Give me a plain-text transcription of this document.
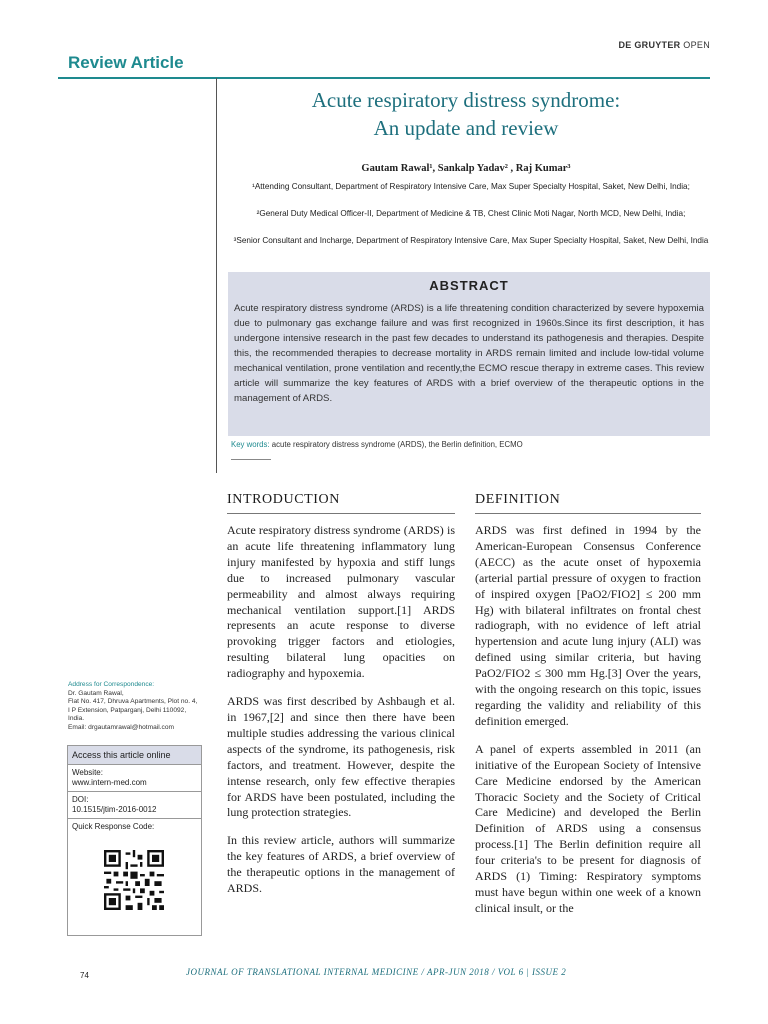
DE GRUYTER OPEN
Review Article
Acute respiratory distress syndrome:
An update and review
Gautam Rawal¹, Sankalp Yadav² , Raj Kumar³
¹Attending Consultant, Department of Respiratory Intensive Care, Max Super Specialty Hospital, Saket, New Delhi, India;
²General Duty Medical Officer-II, Department of Medicine & TB, Chest Clinic Moti Nagar, North MCD, New Delhi, India;
³Senior Consultant and Incharge, Department of Respiratory Intensive Care, Max Super Specialty Hospital, Saket, New Delhi, India
ABSTRACT
Acute respiratory distress syndrome (ARDS) is a life threatening condition characterized by severe hypoxemia due to pulmonary gas exchange failure and was first recognized in 1960s.Since its first description, it has undergone intensive research in the past few decades to understand its pathogenesis and therapies. Despite this, the recommended therapies to decrease mortality in ARDS remain limited and include low-tidal volume mechanical ventilation, prone ventilation and recently,the ECMO rescue therapy in extreme cases. This review article will summarize the key features of ARDS with a brief overview of the therapeutic options in the management of ARDS.
Key words: acute respiratory distress syndrome (ARDS), the Berlin definition, ECMO
INTRODUCTION

Acute respiratory distress syndrome (ARDS) is an acute life threatening inflammatory lung injury manifested by hypoxia and stiff lungs due to increased pulmonary vascular permeability and almost always requiring mechanical ventilation support.[1] ARDS represents an acute response to diverse provoking trigger factors and etiologies, resulting bilateral lung opacities on radiography and hypoxemia.

ARDS was first described by Ashbaugh et al. in 1967,[2] and since then there have been multiple studies addressing the various clinical aspects of the syndrome, its pathogenesis, risk factors, and treatment. However, despite the intense research, only few effective therapies for ARDS have been postulated, including the lung protection strategies.

In this review article, authors will summarize the key features of ARDS, a brief overview of the therapeutic options in the management of ARDS.

DEFINITION

ARDS was first defined in 1994 by the American-European Consensus Conference (AECC) as the acute onset of hypoxemia (arterial partial pressure of oxygen to fraction of inspired oxygen [PaO2/FIO2] ≤ 200 mm Hg) with bilateral infiltrates on frontal chest radiograph, with no evidence of left atrial hypertension and acute lung injury (ALI) was defined using similar criteria, but having PaO2/FIO2 ≤ 300 mm Hg.[3] Over the years, with the ongoing research on this topic, issues regarding the validity and reliability of this definition emerged.

A panel of experts assembled in 2011 (an initiative of the European Society of Intensive Care Medicine endorsed by the American Thoracic Society and the Society of Critical Care Medicine) and developed the Berlin Definition of ARDS using a consensus process.[1] The Berlin definition require all four criteria's to be present for diagnosis of ARDS (1) Timing: Respiratory symptoms must have begun within one week of a known clinical insult, or the

Address for Correspondence:
Dr. Gautam Rawal,
Flat No. 417, Dhruva Apartments, Plot no. 4, I P Extension, Patparganj, Delhi 110092, India.
Email: drgautamrawal@hotmail.com
Access this article online
Website:
www.intern-med.com
DOI:
10.1515/jtim-2016-0012
Quick Response Code:
74	JOURNAL OF TRANSLATIONAL INTERNAL MEDICINE / APR-JUN 2018 / VOL 6 | ISSUE 2
